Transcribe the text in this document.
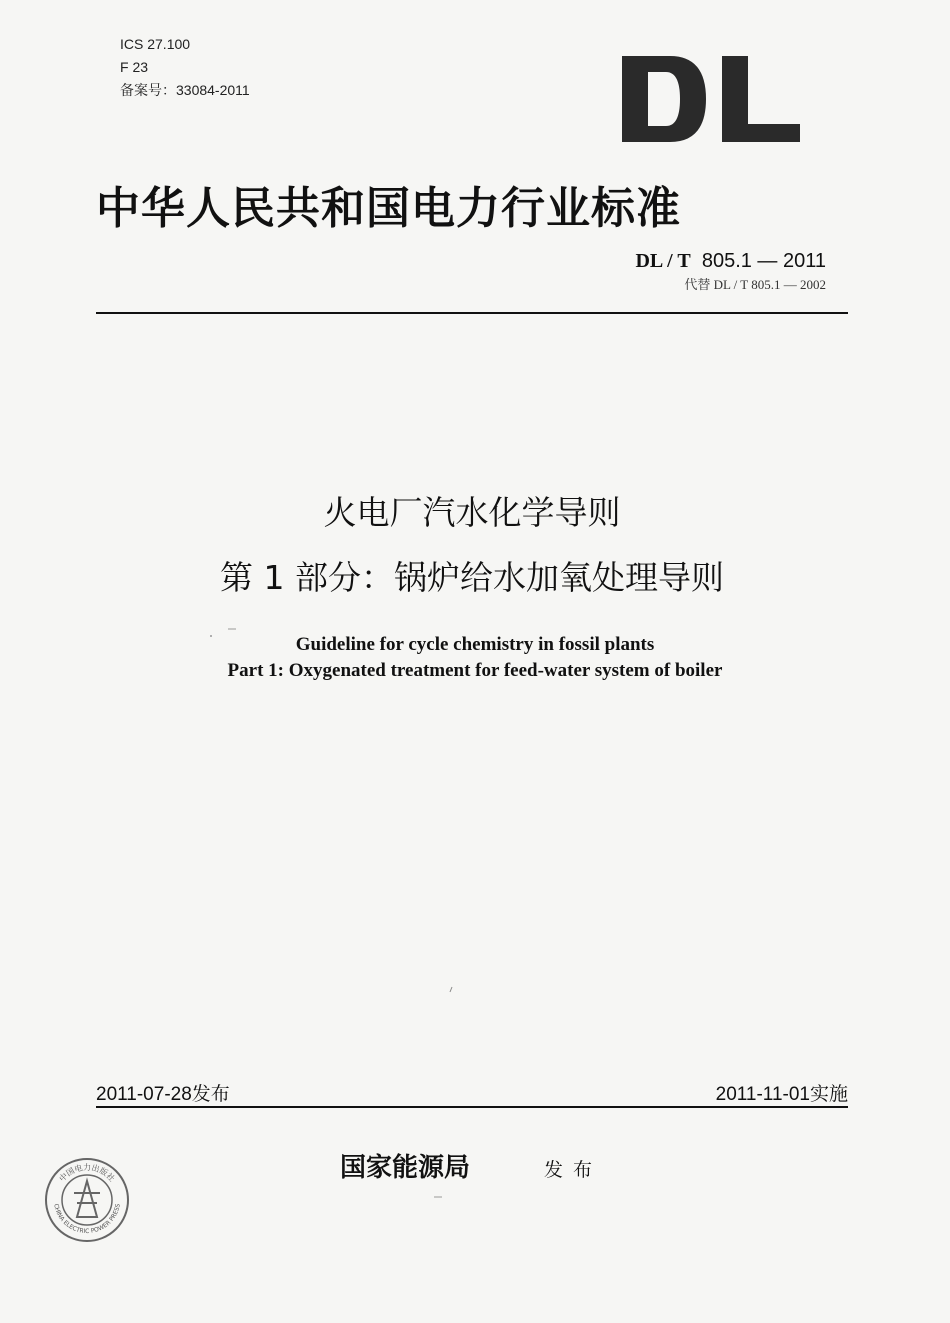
ICS 27.100
F 23
备案号：33084-2011
中华人民共和国电力行业标准
DL / T 805.1 — 2011
代替 DL / T 805.1 — 2002
火电厂汽水化学导则
第 1 部分：锅炉给水加氧处理导则
Guideline for cycle chemistry in fossil plants
Part 1: Oxygenated treatment for feed-water system of boiler
2011-07-28发布	2011-11-01实施
国家能源局	发布
中国电力出版社
CHINA ELECTRIC POWER PRESS
